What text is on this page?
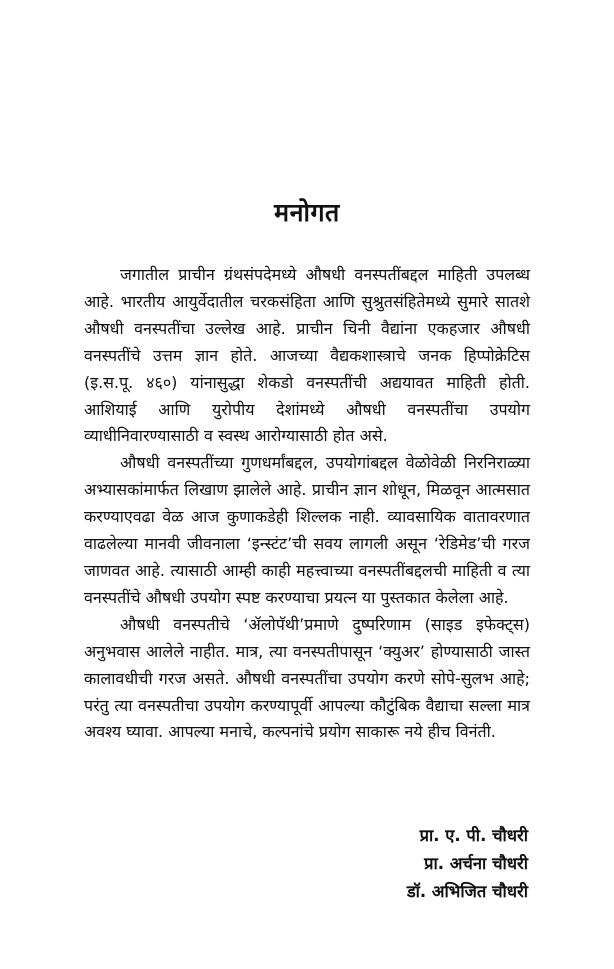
मनोगत

जगातील प्राचीन ग्रंथसंपदेमध्ये औषधी वनस्पतींबद्दल माहिती उपलब्ध आहे. भारतीय आयुर्वेदातील चरकसंहिता आणि सुश्रुतसंहितेमध्ये सुमारे सातशे औषधी वनस्पतींचा उल्लेख आहे. प्राचीन चिनी वैद्यांना एकहजार औषधी वनस्पतींचे उत्तम ज्ञान होते. आजच्या वैद्यकशास्त्राचे जनक हिप्पोक्रेटिस (इ.स.पू. ४६०) यांनासुद्धा शेकडो वनस्पतींची अद्ययावत माहिती होती. आशियाई आणि युरोपीय देशांमध्ये औषधी वनस्पतींचा उपयोग व्याधीनिवारण्यासाठी व स्वस्थ आरोग्यासाठी होत असे.

औषधी वनस्पतींच्या गुणधर्मांबद्दल, उपयोगांबद्दल वेळोवेळी निरनिराळ्या अभ्यासकांमार्फत लिखाण झालेले आहे. प्राचीन ज्ञान शोधून, मिळवून आत्मसात करण्याएवढा वेळ आज कुणाकडेही शिल्लक नाही. व्यावसायिक वातावरणात वाढलेल्या मानवी जीवनाला ‘इन्स्टंट’ची सवय लागली असून ‘रेडिमेड’ची गरज जाणवत आहे. त्यासाठी आम्ही काही महत्त्वाच्या वनस्पतींबद्दलची माहिती व त्या वनस्पतींचे औषधी उपयोग स्पष्ट करण्याचा प्रयत्न या पुस्तकात केलेला आहे.

औषधी वनस्पतीचे ‘ॲलोपॅथी’प्रमाणे दुष्परिणाम (साइड इफेक्ट्स) अनुभवास आलेले नाहीत. मात्र, त्या वनस्पतीपासून ‘क्युअर’ होण्यासाठी जास्त कालावधीची गरज असते. औषधी वनस्पतींचा उपयोग करणे सोपे-सुलभ आहे; परंतु त्या वनस्पतीचा उपयोग करण्यापूर्वी आपल्या कौटुंबिक वैद्याचा सल्ला मात्र अवश्य घ्यावा. आपल्या मनाचे, कल्पनांचे प्रयोग साकारू नये हीच विनंती.

प्रा. ए. पी. चौधरी
प्रा. अर्चना चौधरी
डॉ. अभिजित चौधरी
